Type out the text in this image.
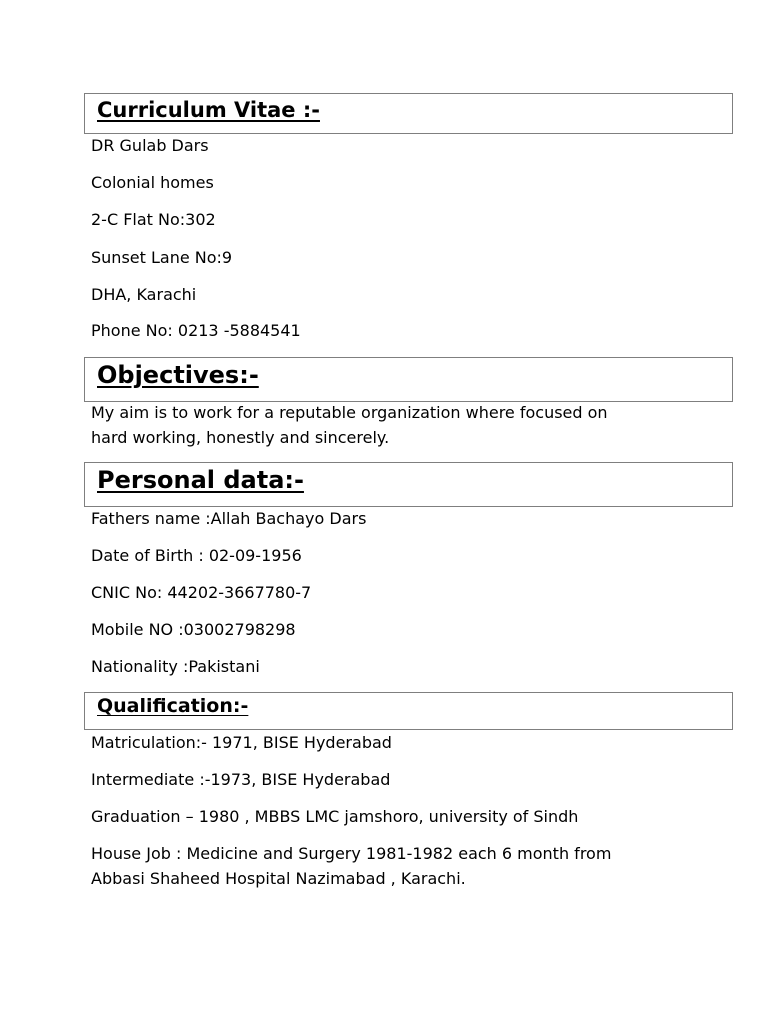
Curriculum Vitae :-

DR Gulab Dars

Colonial homes

2-C Flat No:302

Sunset Lane No:9

DHA, Karachi

Phone No: 0213 -5884541

Objectives:-

My aim is to work for a reputable organization where focused on

hard working, honestly and sincerely.

Personal data:-

Fathers name :Allah Bachayo Dars

Date of Birth : 02-09-1956

CNIC No: 44202-3667780-7

Mobile NO :03002798298

Nationality :Pakistani

Qualification:-

Matriculation:- 1971, BISE Hyderabad

Intermediate :-1973, BISE Hyderabad

Graduation – 1980 , MBBS LMC jamshoro, university of Sindh

House Job : Medicine and Surgery 1981-1982 each 6 month from

Abbasi Shaheed Hospital Nazimabad , Karachi.
